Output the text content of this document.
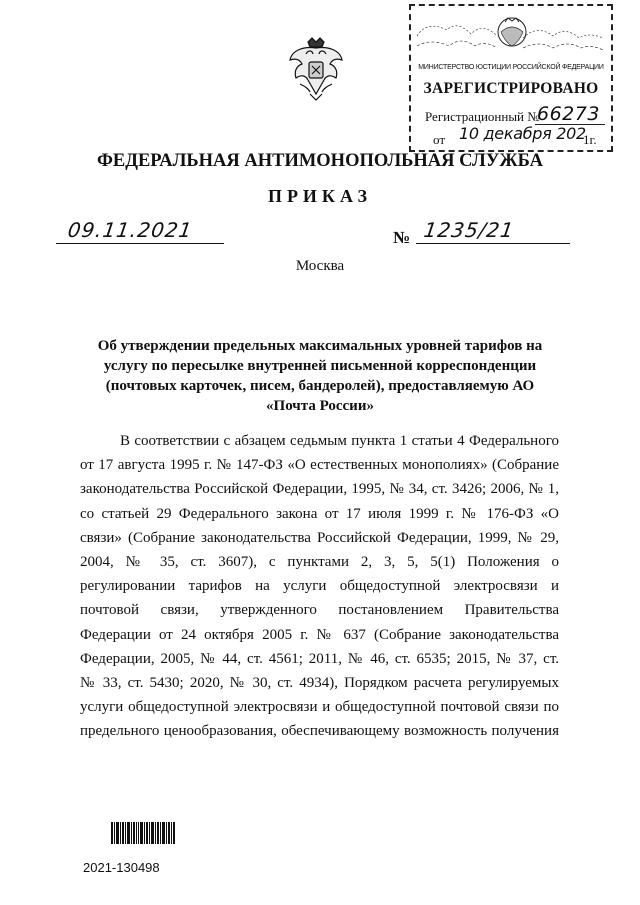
МИНИСТЕРСТВО ЮСТИЦИИ РОССИЙСКОЙ ФЕДЕРАЦИИ
ЗАРЕГИСТРИРОВАНО
Регистрационный №
66273
от 10 декабря 202
1г.
ФЕДЕРАЛЬНАЯ АНТИМОНОПОЛЬНАЯ СЛУЖБА
ПРИКАЗ
09.11.2021	№ 1235/21
Москва
Об утверждении предельных максимальных уровней тарифов на услугу по пересылке внутренней письменной корреспонденции (почтовых карточек, писем, бандеролей), предоставляемую АО «Почта России»
В соответствии с абзацем седьмым пункта 1 статьи 4 Федерального
от 17 августа 1995 г. № 147-ФЗ «О естественных монополиях» (Собрание
законодательства Российской Федерации, 1995, № 34, ст. 3426; 2006, № 1,
со статьей 29 Федерального закона от 17 июля 1999 г. № 176-ФЗ «О
связи» (Собрание законодательства Российской Федерации, 1999, № 29,
2004, № 35, ст. 3607), с пунктами 2, 3, 5, 5(1) Положения о
регулировании тарифов на услуги общедоступной электросвязи и
почтовой связи, утвержденного постановлением Правительства
Федерации от 24 октября 2005 г. № 637 (Собрание законодательства
Федерации, 2005, № 44, ст. 4561; 2011, № 46, ст. 6535; 2015, № 37, ст.
№ 33, ст. 5430; 2020, № 30, ст. 4934), Порядком расчета регулируемых
услуги общедоступной электросвязи и общедоступной почтовой связи по
предельного ценообразования, обеспечивающему возможность получения
2021-130498
